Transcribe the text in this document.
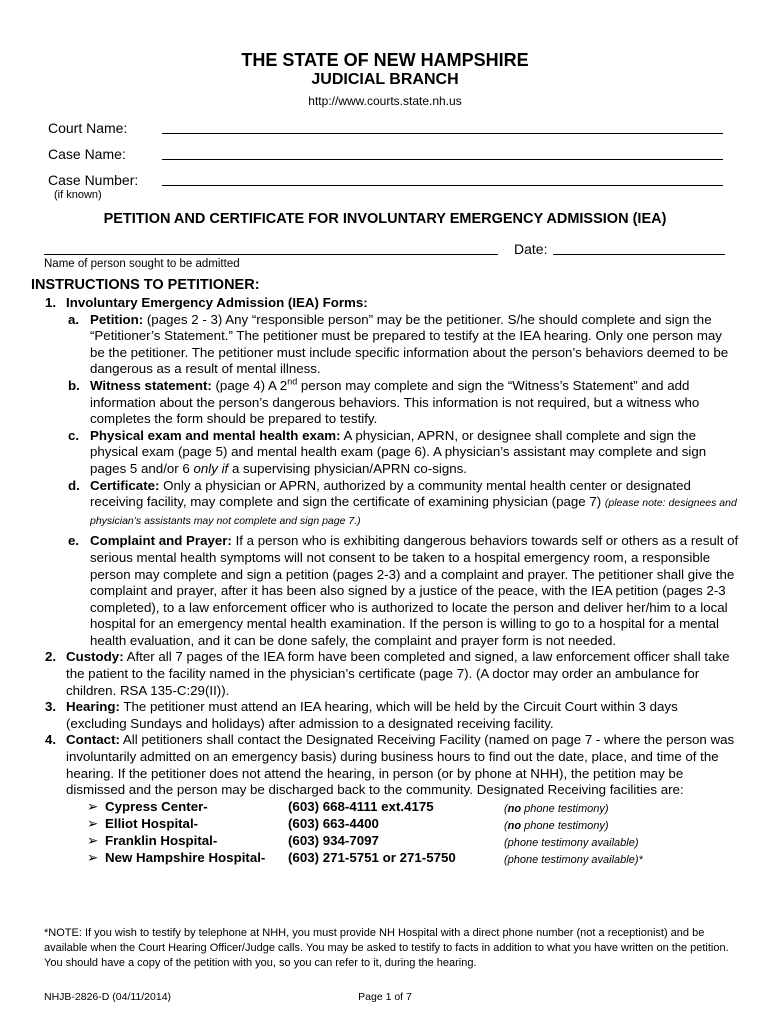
THE STATE OF NEW HAMPSHIRE
JUDICIAL BRANCH
http://www.courts.state.nh.us
Court Name:
Case Name:
Case Number:
(if known)
PETITION AND CERTIFICATE FOR INVOLUNTARY EMERGENCY ADMISSION (IEA)
Date:
Name of person sought to be admitted
INSTRUCTIONS TO PETITIONER:
1. Involuntary Emergency Admission (IEA) Forms:
a. Petition: (pages 2 - 3) Any “responsible person” may be the petitioner. S/he should complete and sign the “Petitioner’s Statement.” The petitioner must be prepared to testify at the IEA hearing. Only one person may be the petitioner. The petitioner must include specific information about the person’s behaviors deemed to be dangerous as a result of mental illness.
b. Witness statement: (page 4) A 2nd person may complete and sign the “Witness’s Statement” and add information about the person’s dangerous behaviors. This information is not required, but a witness who completes the form should be prepared to testify.
c. Physical exam and mental health exam: A physician, APRN, or designee shall complete and sign the physical exam (page 5) and mental health exam (page 6). A physician’s assistant may complete and sign pages 5 and/or 6 only if a supervising physician/APRN co-signs.
d. Certificate: Only a physician or APRN, authorized by a community mental health center or designated receiving facility, may complete and sign the certificate of examining physician (page 7) (please note: designees and physician’s assistants may not complete and sign page 7.)
e. Complaint and Prayer: If a person who is exhibiting dangerous behaviors towards self or others as a result of serious mental health symptoms will not consent to be taken to a hospital emergency room, a responsible person may complete and sign a petition (pages 2-3) and a complaint and prayer. The petitioner shall give the complaint and prayer, after it has been also signed by a justice of the peace, with the IEA petition (pages 2-3 completed), to a law enforcement officer who is authorized to locate the person and deliver her/him to a local hospital for an emergency mental health examination. If the person is willing to go to a hospital for a mental health evaluation, and it can be done safely, the complaint and prayer form is not needed.
2. Custody: After all 7 pages of the IEA form have been completed and signed, a law enforcement officer shall take the patient to the facility named in the physician’s certificate (page 7). (A doctor may order an ambulance for children. RSA 135-C:29(II)).
3. Hearing: The petitioner must attend an IEA hearing, which will be held by the Circuit Court within 3 days (excluding Sundays and holidays) after admission to a designated receiving facility.
4. Contact: All petitioners shall contact the Designated Receiving Facility (named on page 7 - where the person was involuntarily admitted on an emergency basis) during business hours to find out the date, place, and time of the hearing. If the petitioner does not attend the hearing, in person (or by phone at NHH), the petition may be dismissed and the person may be discharged back to the community. Designated Receiving facilities are:
➢ Cypress Center-	(603) 668-4111 ext.4175	(no phone testimony)
➢ Elliot Hospital-	(603) 663-4400	(no phone testimony)
➢ Franklin Hospital-	(603) 934-7097	(phone testimony available)
➢ New Hampshire Hospital-	(603) 271-5751 or 271-5750	(phone testimony available)*
*NOTE: If you wish to testify by telephone at NHH, you must provide NH Hospital with a direct phone number (not a receptionist) and be available when the Court Hearing Officer/Judge calls. You may be asked to testify to facts in addition to what you have written on the petition. You should have a copy of the petition with you, so you can refer to it, during the hearing.
NHJB-2826-D (04/11/2014)	Page 1 of 7
